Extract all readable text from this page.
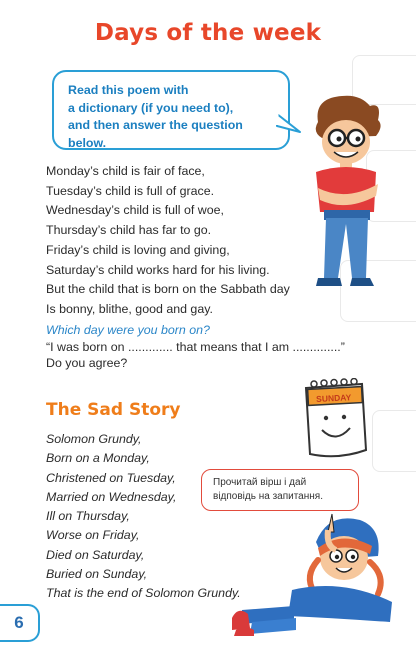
Days of the week
Read this poem with
a dictionary (if you need to),
and then answer the question below.
Monday’s child is fair of face,
Tuesday’s child is full of grace.
Wednesday’s child is full of woe,
Thursday’s child has far to go.
Friday’s child is loving and giving,
Saturday’s child works hard for his living.
But the child that is born on the Sabbath day
Is bonny, blithe, good and gay.
Which day were you born on?
“I was born on ............. that means that I am ..............”
Do you agree?
The Sad Story
Solomon Grundy,
Born on a Monday,
Christened on Tuesday,
Married on Wednesday,
Ill on Thursday,
Worse on Friday,
Died on Saturday,
Buried on Sunday,
That is the end of Solomon Grundy.
SUNDAY
Прочитай вірш і дай
відповідь на запитання.
6
